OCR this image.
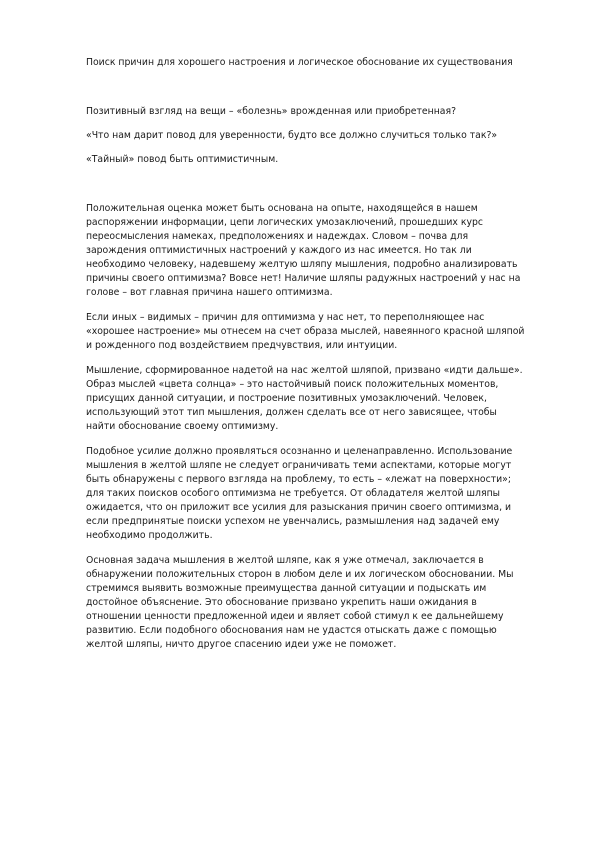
Поиск причин для хорошего настроения и логическое обоснование их существования

Позитивный взгляд на вещи – «болезнь» врожденная или приобретенная?

«Что нам дарит повод для уверенности, будто все должно случиться только так?»

«Тайный» повод быть оптимистичным.

Положительная оценка может быть основана на опыте, находящейся в нашем распоряжении информации, цепи логических умозаключений, прошедших курс переосмысления намеках, предположениях и надеждах. Словом – почва для зарождения оптимистичных настроений у каждого из нас имеется. Но так ли необходимо человеку, надевшему желтую шляпу мышления, подробно анализировать причины своего оптимизма? Вовсе нет! Наличие шляпы радужных настроений у нас на голове – вот главная причина нашего оптимизма.

Если иных – видимых – причин для оптимизма у нас нет, то переполняющее нас «хорошее настроение» мы отнесем на счет образа мыслей, навеянного красной шляпой и рожденного под воздействием предчувствия, или интуиции.

Мышление, сформированное надетой на нас желтой шляпой, призвано «идти дальше». Образ мыслей «цвета солнца» – это настойчивый поиск положительных моментов, присущих данной ситуации, и построение позитивных умозаключений. Человек, использующий этот тип мышления, должен сделать все от него зависящее, чтобы найти обоснование своему оптимизму.

Подобное усилие должно проявляться осознанно и целенаправленно. Использование мышления в желтой шляпе не следует ограничивать теми аспектами, которые могут быть обнаружены с первого взгляда на проблему, то есть – «лежат на поверхности»; для таких поисков особого оптимизма не требуется. От обладателя желтой шляпы ожидается, что он приложит все усилия для разыскания причин своего оптимизма, и если предпринятые поиски успехом не увенчались, размышления над задачей ему необходимо продолжить.

Основная задача мышления в желтой шляпе, как я уже отмечал, заключается в обнаружении положительных сторон в любом деле и их логическом обосновании. Мы стремимся выявить возможные преимущества данной ситуации и подыскать им достойное объяснение. Это обоснование призвано укрепить наши ожидания в отношении ценности предложенной идеи и являет собой стимул к ее дальнейшему развитию. Если подобного обоснования нам не удастся отыскать даже с помощью желтой шляпы, ничто другое спасению идеи уже не поможет.
